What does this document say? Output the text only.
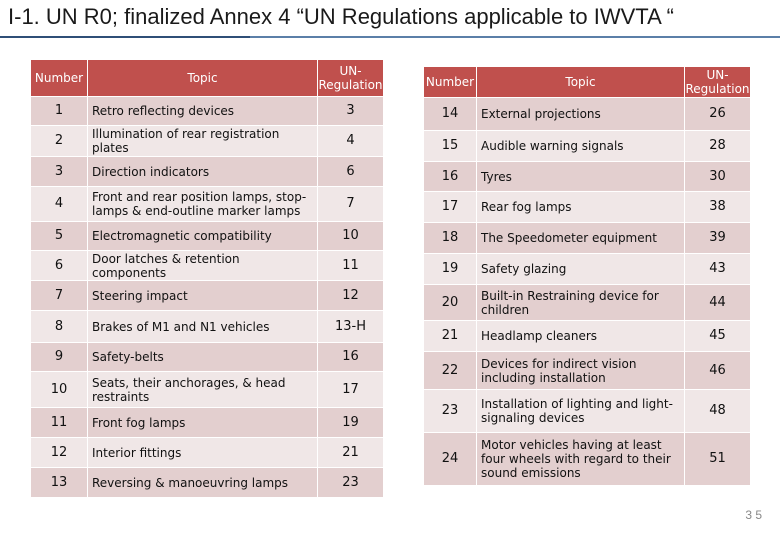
I-1. UN R0; finalized Annex 4 “UN Regulations applicable to IWVTA “
Number	Topic	UN-Regulation
1	Retro reflecting devices	3
2	Illumination of rear registration plates	4
3	Direction indicators	6
4	Front and rear position lamps, stop-lamps & end-outline marker lamps	7
5	Electromagnetic compatibility	10
6	Door latches & retention components	11
7	Steering impact	12
8	Brakes of M1 and N1 vehicles	13-H
9	Safety-belts	16
10	Seats, their anchorages, & head restraints	17
11	Front fog lamps	19
12	Interior fittings	21
13	Reversing & manoeuvring lamps	23
Number	Topic	UN-Regulation
14	External projections	26
15	Audible warning signals	28
16	Tyres	30
17	Rear fog lamps	38
18	The Speedometer equipment	39
19	Safety glazing	43
20	Built-in Restraining device for children	44
21	Headlamp cleaners	45
22	Devices for indirect vision including installation	46
23	Installation of lighting and light-signaling devices	48
24	Motor vehicles having at least four wheels with regard to their sound emissions	51
3 5
